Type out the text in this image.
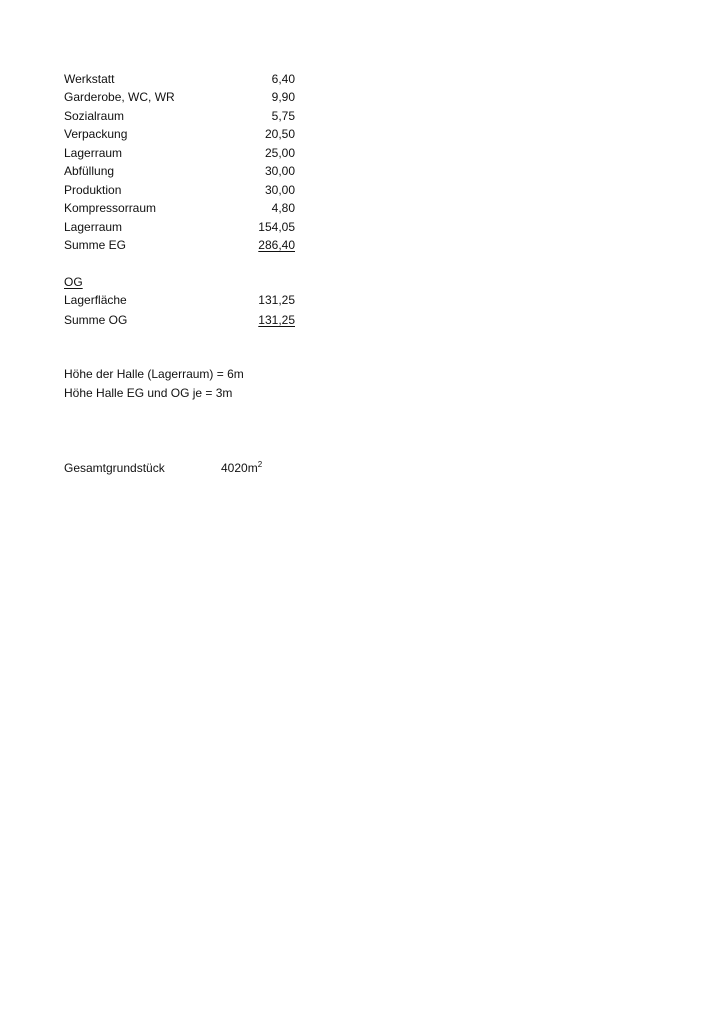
Werkstatt	6,40
Garderobe, WC, WR	9,90
Sozialraum	5,75
Verpackung	20,50
Lagerraum	25,00
Abfüllung	30,00
Produktion	30,00
Kompressorraum	4,80
Lagerraum	154,05
Summe EG	286,40
OG
Lagerfläche	131,25
Summe OG	131,25
Höhe der Halle (Lagerraum) = 6m
Höhe Halle EG und OG je = 3m
Gesamtgrundstück	$4020m^2$
